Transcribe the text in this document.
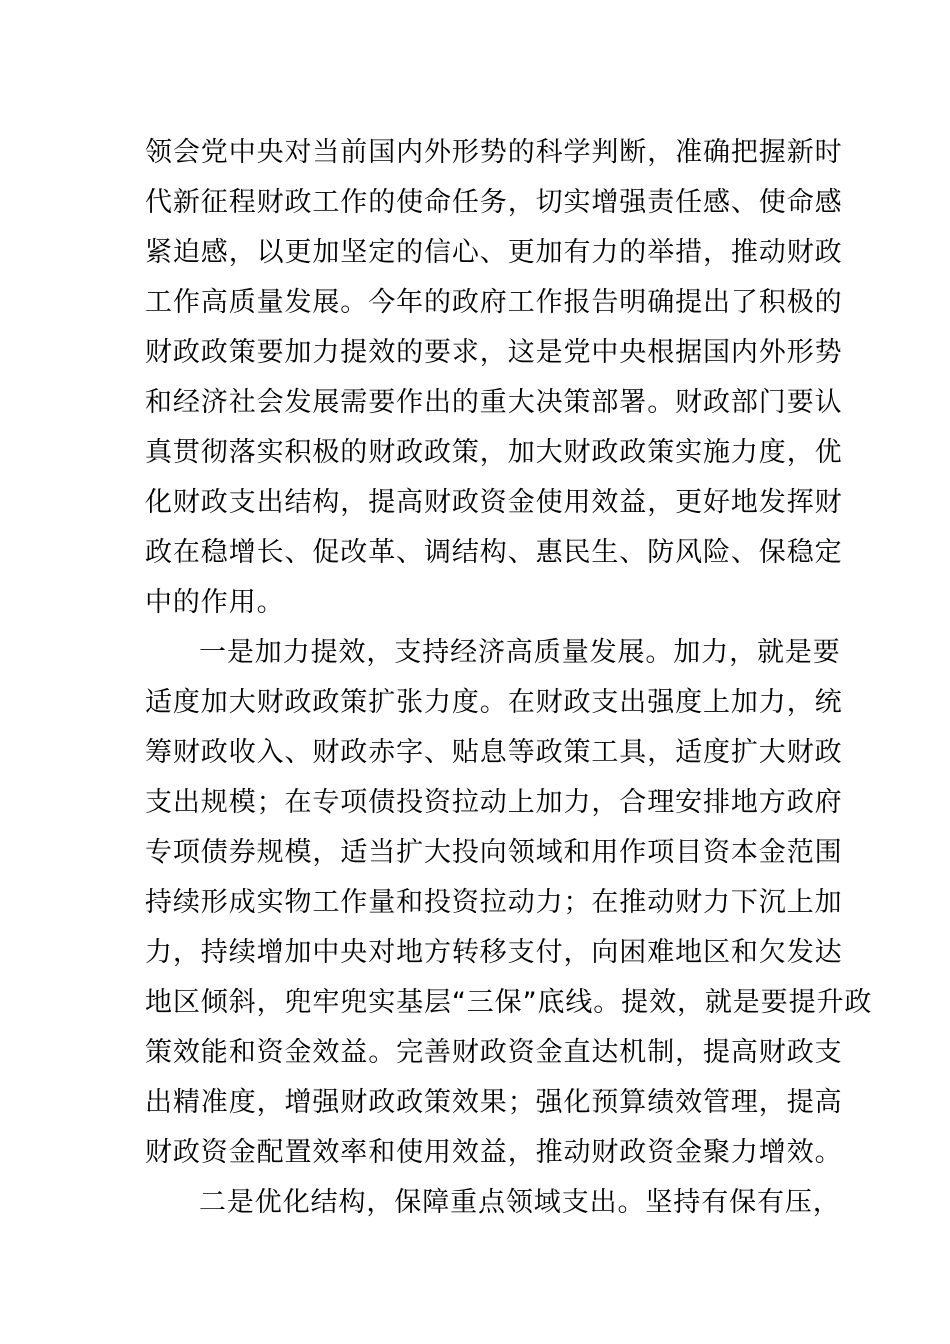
领会党中央对当前国内外形势的科学判断，准确把握新时
代新征程财政工作的使命任务，切实增强责任感、使命感
紧迫感，以更加坚定的信心、更加有力的举措，推动财政
工作高质量发展。今年的政府工作报告明确提出了积极的
财政政策要加力提效的要求，这是党中央根据国内外形势
和经济社会发展需要作出的重大决策部署。财政部门要认
真贯彻落实积极的财政政策，加大财政政策实施力度，优
化财政支出结构，提高财政资金使用效益，更好地发挥财
政在稳增长、促改革、调结构、惠民生、防风险、保稳定
中的作用。
一是加力提效，支持经济高质量发展。加力，就是要
适度加大财政政策扩张力度。在财政支出强度上加力，统
筹财政收入、财政赤字、贴息等政策工具，适度扩大财政
支出规模；在专项债投资拉动上加力，合理安排地方政府
专项债券规模，适当扩大投向领域和用作项目资本金范围
持续形成实物工作量和投资拉动力；在推动财力下沉上加
力，持续增加中央对地方转移支付，向困难地区和欠发达
地区倾斜，兜牢兜实基层“三保”底线。提效，就是要提升政
策效能和资金效益。完善财政资金直达机制，提高财政支
出精准度，增强财政政策效果；强化预算绩效管理，提高
财政资金配置效率和使用效益，推动财政资金聚力增效。
二是优化结构，保障重点领域支出。坚持有保有压，
